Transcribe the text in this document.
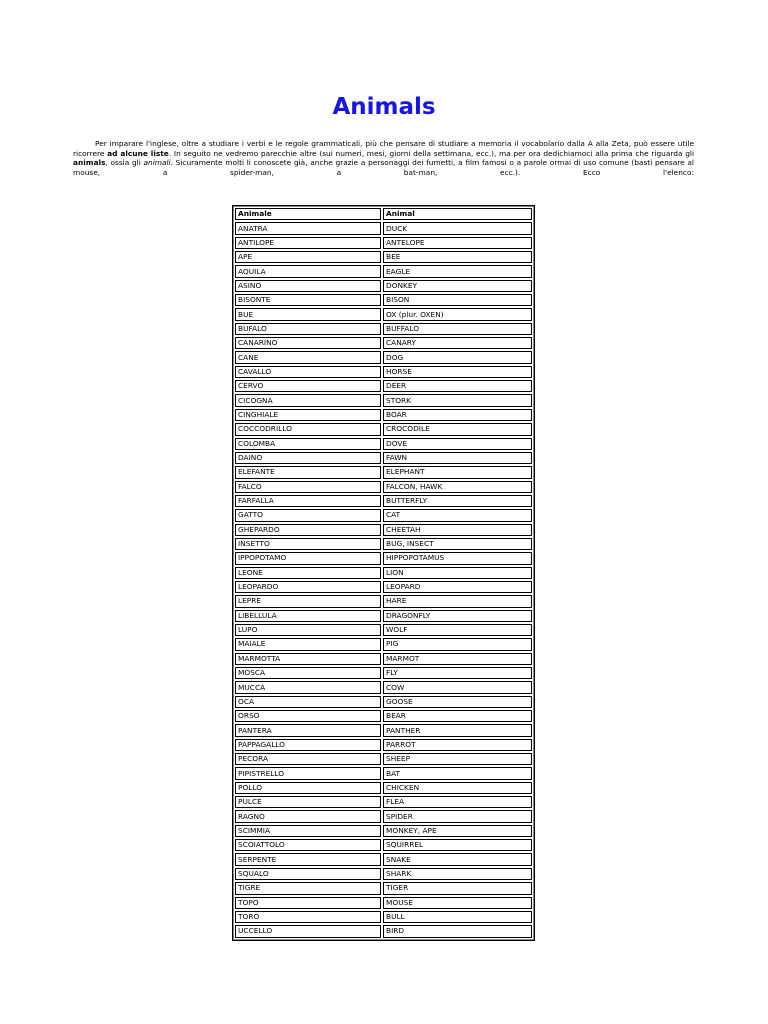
Animals

Per imparare l'inglese, oltre a studiare i verbi e le regole grammaticali, più che pensare di studiare a memoria il vocabolario dalla A alla Zeta, può essere utile ricorrere ad alcune liste. In seguito ne vedremo parecchie altre (sui numeri, mesi, giorni della settimana, ecc.), ma per ora dedichiamoci alla prima che riguarda gli animals, ossia gli animali. Sicuramente molti li conoscete già, anche grazie a personaggi dei fumetti, a film famosi o a parole ormai di uso comune (basti pensare al mouse, a spider-man, a bat-man, ecc.). Ecco l'elenco:

Animale	Animal
ANATRA	DUCK
ANTILOPE	ANTELOPE
APE	BEE
AQUILA	EAGLE
ASINO	DONKEY
BISONTE	BISON
BUE	OX (plur. OXEN)
BUFALO	BUFFALO
CANARINO	CANARY
CANE	DOG
CAVALLO	HORSE
CERVO	DEER
CICOGNA	STORK
CINGHIALE	BOAR
COCCODRILLO	CROCODILE
COLOMBA	DOVE
DAINO	FAWN
ELEFANTE	ELEPHANT
FALCO	FALCON, HAWK
FARFALLA	BUTTERFLY
GATTO	CAT
GHEPARDO	CHEETAH
INSETTO	BUG, INSECT
IPPOPOTAMO	HIPPOPOTAMUS
LEONE	LION
LEOPARDO	LEOPARD
LEPRE	HARE
LIBELLULA	DRAGONFLY
LUPO	WOLF
MAIALE	PIG
MARMOTTA	MARMOT
MOSCA	FLY
MUCCA	COW
OCA	GOOSE
ORSO	BEAR
PANTERA	PANTHER
PAPPAGALLO	PARROT
PECORA	SHEEP
PIPISTRELLO	BAT
POLLO	CHICKEN
PULCE	FLEA
RAGNO	SPIDER
SCIMMIA	MONKEY, APE
SCOIATTOLO	SQUIRREL
SERPENTE	SNAKE
SQUALO	SHARK
TIGRE	TIGER
TOPO	MOUSE
TORO	BULL
UCCELLO	BIRD
